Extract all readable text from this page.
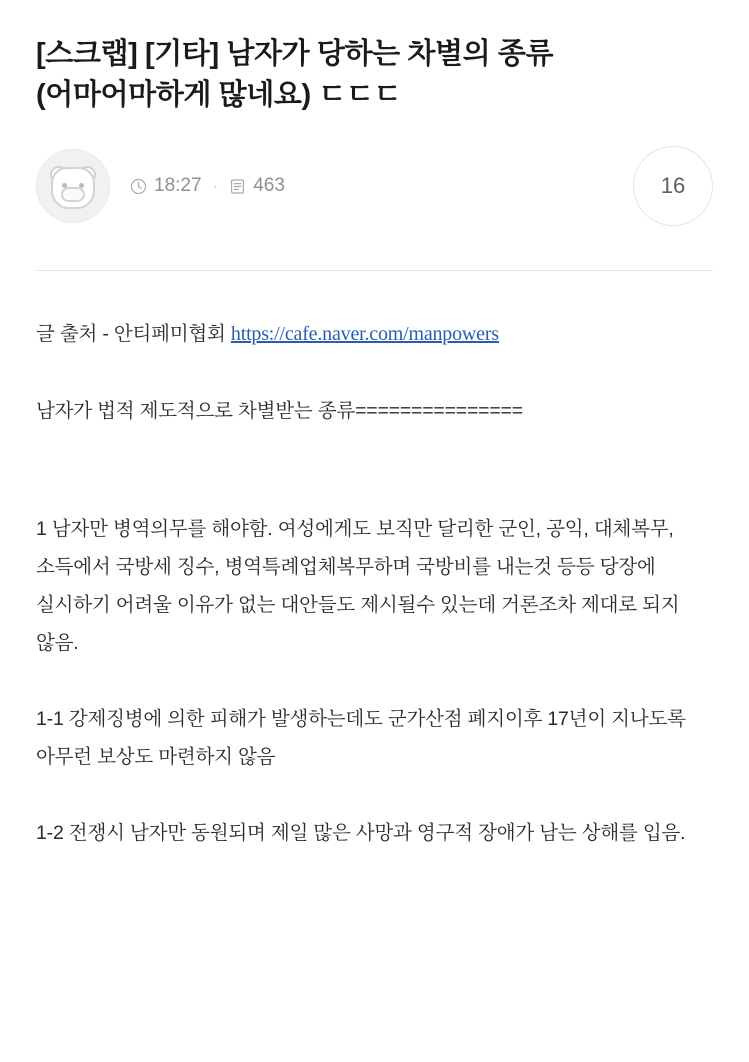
[스크랩] [기타] 남자가 당하는 차별의 종류 (어마어마하게 많네요) ㄷㄷㄷ
18:27 · 463	16

글 출처 - 안티페미협회 https://cafe.naver.com/manpowers

남자가 법적 제도적으로 차별받는 종류===============

1 남자만 병역의무를 해야함. 여성에게도 보직만 달리한 군인, 공익, 대체복무, 소득에서 국방세 징수, 병역특례업체복무하며 국방비를 내는것 등등 당장에 실시하기 어려울 이유가 없는 대안들도 제시될수 있는데 거론조차 제대로 되지 않음.

1-1 강제징병에 의한 피해가 발생하는데도 군가산점 폐지이후 17년이 지나도록 아무런 보상도 마련하지 않음

1-2 전쟁시 남자만 동원되며 제일 많은 사망과 영구적 장애가 남는 상해를 입음.
